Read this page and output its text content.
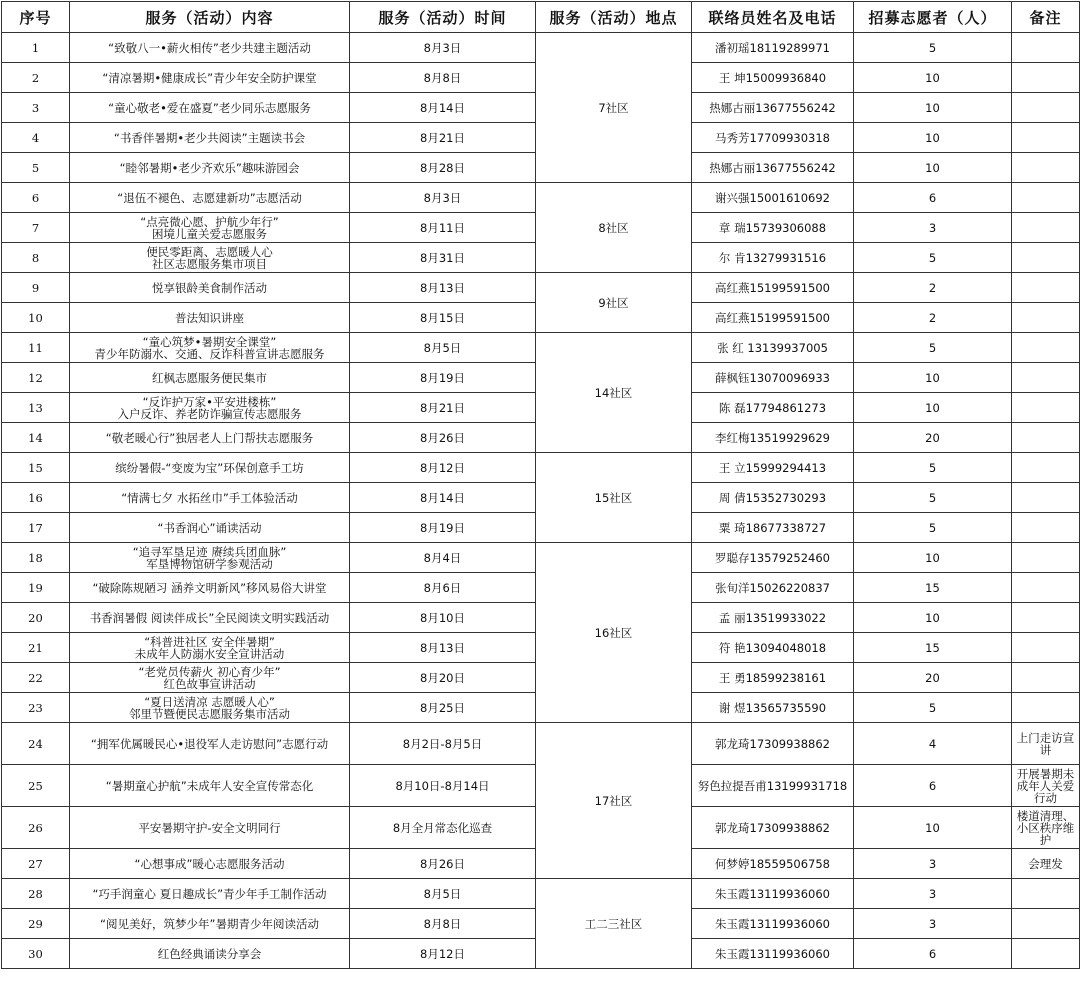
序号	服务（活动）内容	服务（活动）时间	服务（活动）地点	联络员姓名及电话	招募志愿者（人）	备注
1	“致敬八一•薪火相传”老少共建主题活动	8月3日	7社区	潘初瑶18119289971	5	
2	“清凉暑期•健康成长”青少年安全防护课堂	8月8日		王 坤15009936840	10	
3	“童心敬老•爱在盛夏”老少同乐志愿服务	8月14日		热娜古丽13677556242	10	
4	“书香伴暑期•老少共阅读”主题读书会	8月21日		马秀芳17709930318	10	
5	“睦邻暑期•老少齐欢乐”趣味游园会	8月28日		热娜古丽13677556242	10	
6	“退伍不褪色、志愿建新功”志愿活动	8月3日	8社区	谢兴强15001610692	6	
7	“点亮微心愿、护航少年行”
困境儿童关爱志愿服务	8月11日		章 瑞15739306088	3	
8	便民零距离、志愿暖人心
社区志愿服务集市项目	8月31日		尔 肯13279931516	5	
9	悦享银龄美食制作活动	8月13日	9社区	高红燕15199591500	2	
10	普法知识讲座	8月15日		高红燕15199591500	2	
11	“童心筑梦•暑期安全课堂”
青少年防溺水、交通、反诈科普宣讲志愿服务	8月5日	14社区	张 红 13139937005	5	
12	红枫志愿服务便民集市	8月19日		薛枫钰13070096933	10	
13	“反诈护万家•平安进楼栋”
入户反诈、养老防诈骗宣传志愿服务	8月21日		陈 磊17794861273	10	
14	“敬老暖心行”独居老人上门帮扶志愿服务	8月26日		李红梅13519929629	20	
15	缤纷暑假-“变废为宝”环保创意手工坊	8月12日	15社区	王 立15999294413	5	
16	“情满七夕 水拓丝巾”手工体验活动	8月14日		周 倩15352730293	5	
17	“书香润心”诵读活动	8月19日		粟 琦18677338727	5	
18	“追寻军垦足迹 赓续兵团血脉”
军垦博物馆研学参观活动	8月4日	16社区	罗聪存13579252460	10	
19	“破除陈规陋习 涵养文明新风”移风易俗大讲堂	8月6日		张旬洋15026220837	15	
20	书香润暑假 阅读伴成长”全民阅读文明实践活动	8月10日		孟 丽13519933022	10	
21	“科普进社区 安全伴暑期”
未成年人防溺水安全宣讲活动	8月13日		符 艳13094048018	15	
22	“老党员传薪火 初心育少年”
红色故事宣讲活动	8月20日		王 勇18599238161	20	
23	“夏日送清凉 志愿暖人心”
邻里节暨便民志愿服务集市活动	8月25日		谢 煜13565735590	5	
24	“拥军优属暖民心•退役军人走访慰问”志愿行动	8月2日-8月5日	17社区	郭龙琦17309938862	4	上门走访宣
讲

25	“暑期童心护航”未成年人安全宣传常态化	8月10日-8月14日		努色拉提吾甫13199931718	6	开展暑期未
成年人关爱
行动

26	平安暑期守护-安全文明同行	8月全月常态化巡查		郭龙琦17309938862	10	楼道清理、
小区秩序维
护

27	“心想事成”暖心志愿服务活动	8月26日		何梦婷18559506758	3	会理发

28	“巧手润童心 夏日趣成长”青少年手工制作活动	8月5日	工二三社区	朱玉霞13119936060	3	
29	“阅见美好，筑梦少年”暑期青少年阅读活动	8月8日		朱玉霞13119936060	3	
30	红色经典诵读分享会	8月12日		朱玉霞13119936060	6	
